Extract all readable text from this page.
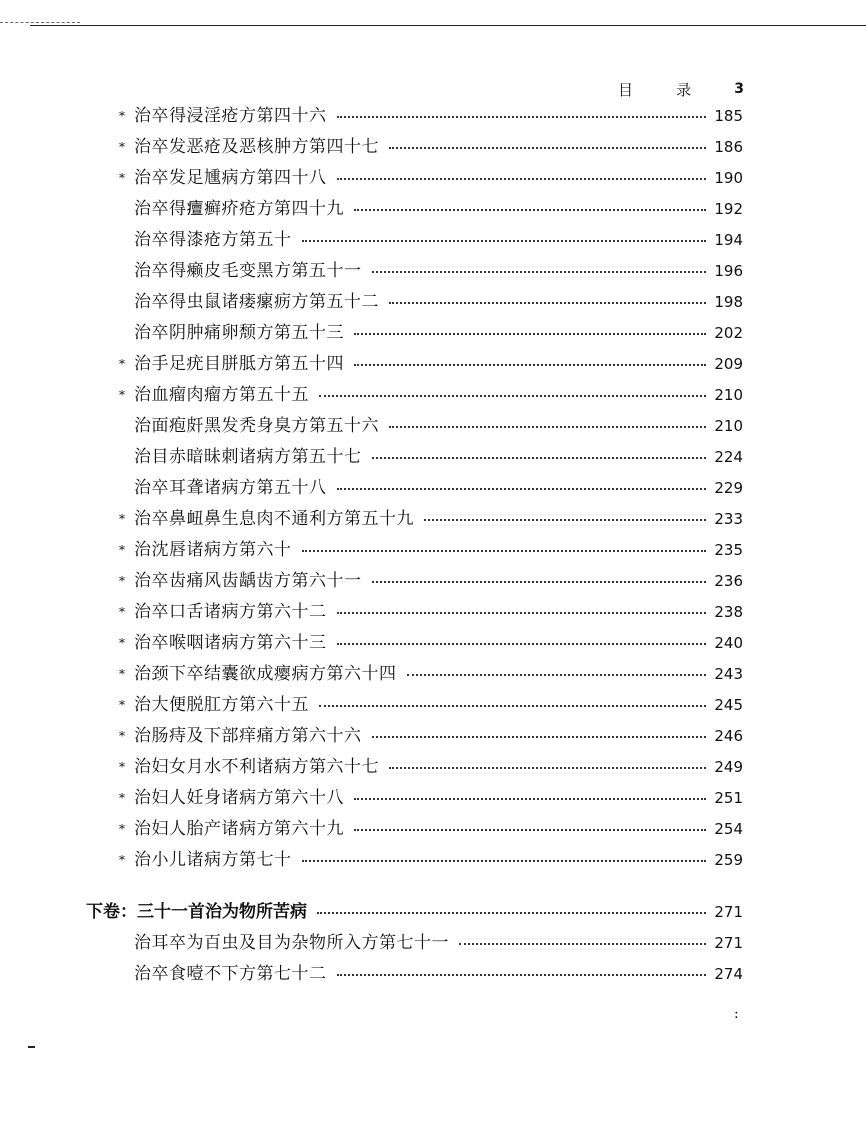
目	录	3
* 治卒得浸淫疮方第四十六	185
* 治卒发恶疮及恶核肿方第四十七	186
* 治卒发足尰病方第四十八	190
治卒得𤺺癣疥疮方第四十九	192
治卒得漆疮方第五十	194
治卒得癞皮毛变黑方第五十一	196
治卒得虫鼠诸瘘瘰疬方第五十二	198
治卒阴肿痛卵颓方第五十三	202
* 治手足疣目胼胝方第五十四	209
* 治血瘤肉瘤方第五十五	210
治面疱皯黑发秃身臭方第五十六	210
治目赤暗昧刺诸病方第五十七	224
治卒耳聋诸病方第五十八	229
* 治卒鼻衄鼻生息肉不通利方第五十九	233
* 治沈唇诸病方第六十	235
* 治卒齿痛风齿龋齿方第六十一	236
* 治卒口舌诸病方第六十二	238
* 治卒喉咽诸病方第六十三	240
* 治颈下卒结囊欲成瘿病方第六十四	243
* 治大便脱肛方第六十五	245
* 治肠痔及下部痒痛方第六十六	246
* 治妇女月水不利诸病方第六十七	249
* 治妇人妊身诸病方第六十八	251
* 治妇人胎产诸病方第六十九	254
* 治小儿诸病方第七十	259
下卷：三十一首治为物所苦病	271
治耳卒为百虫及目为杂物所入方第七十一	271
治卒食噎不下方第七十二	274
:
